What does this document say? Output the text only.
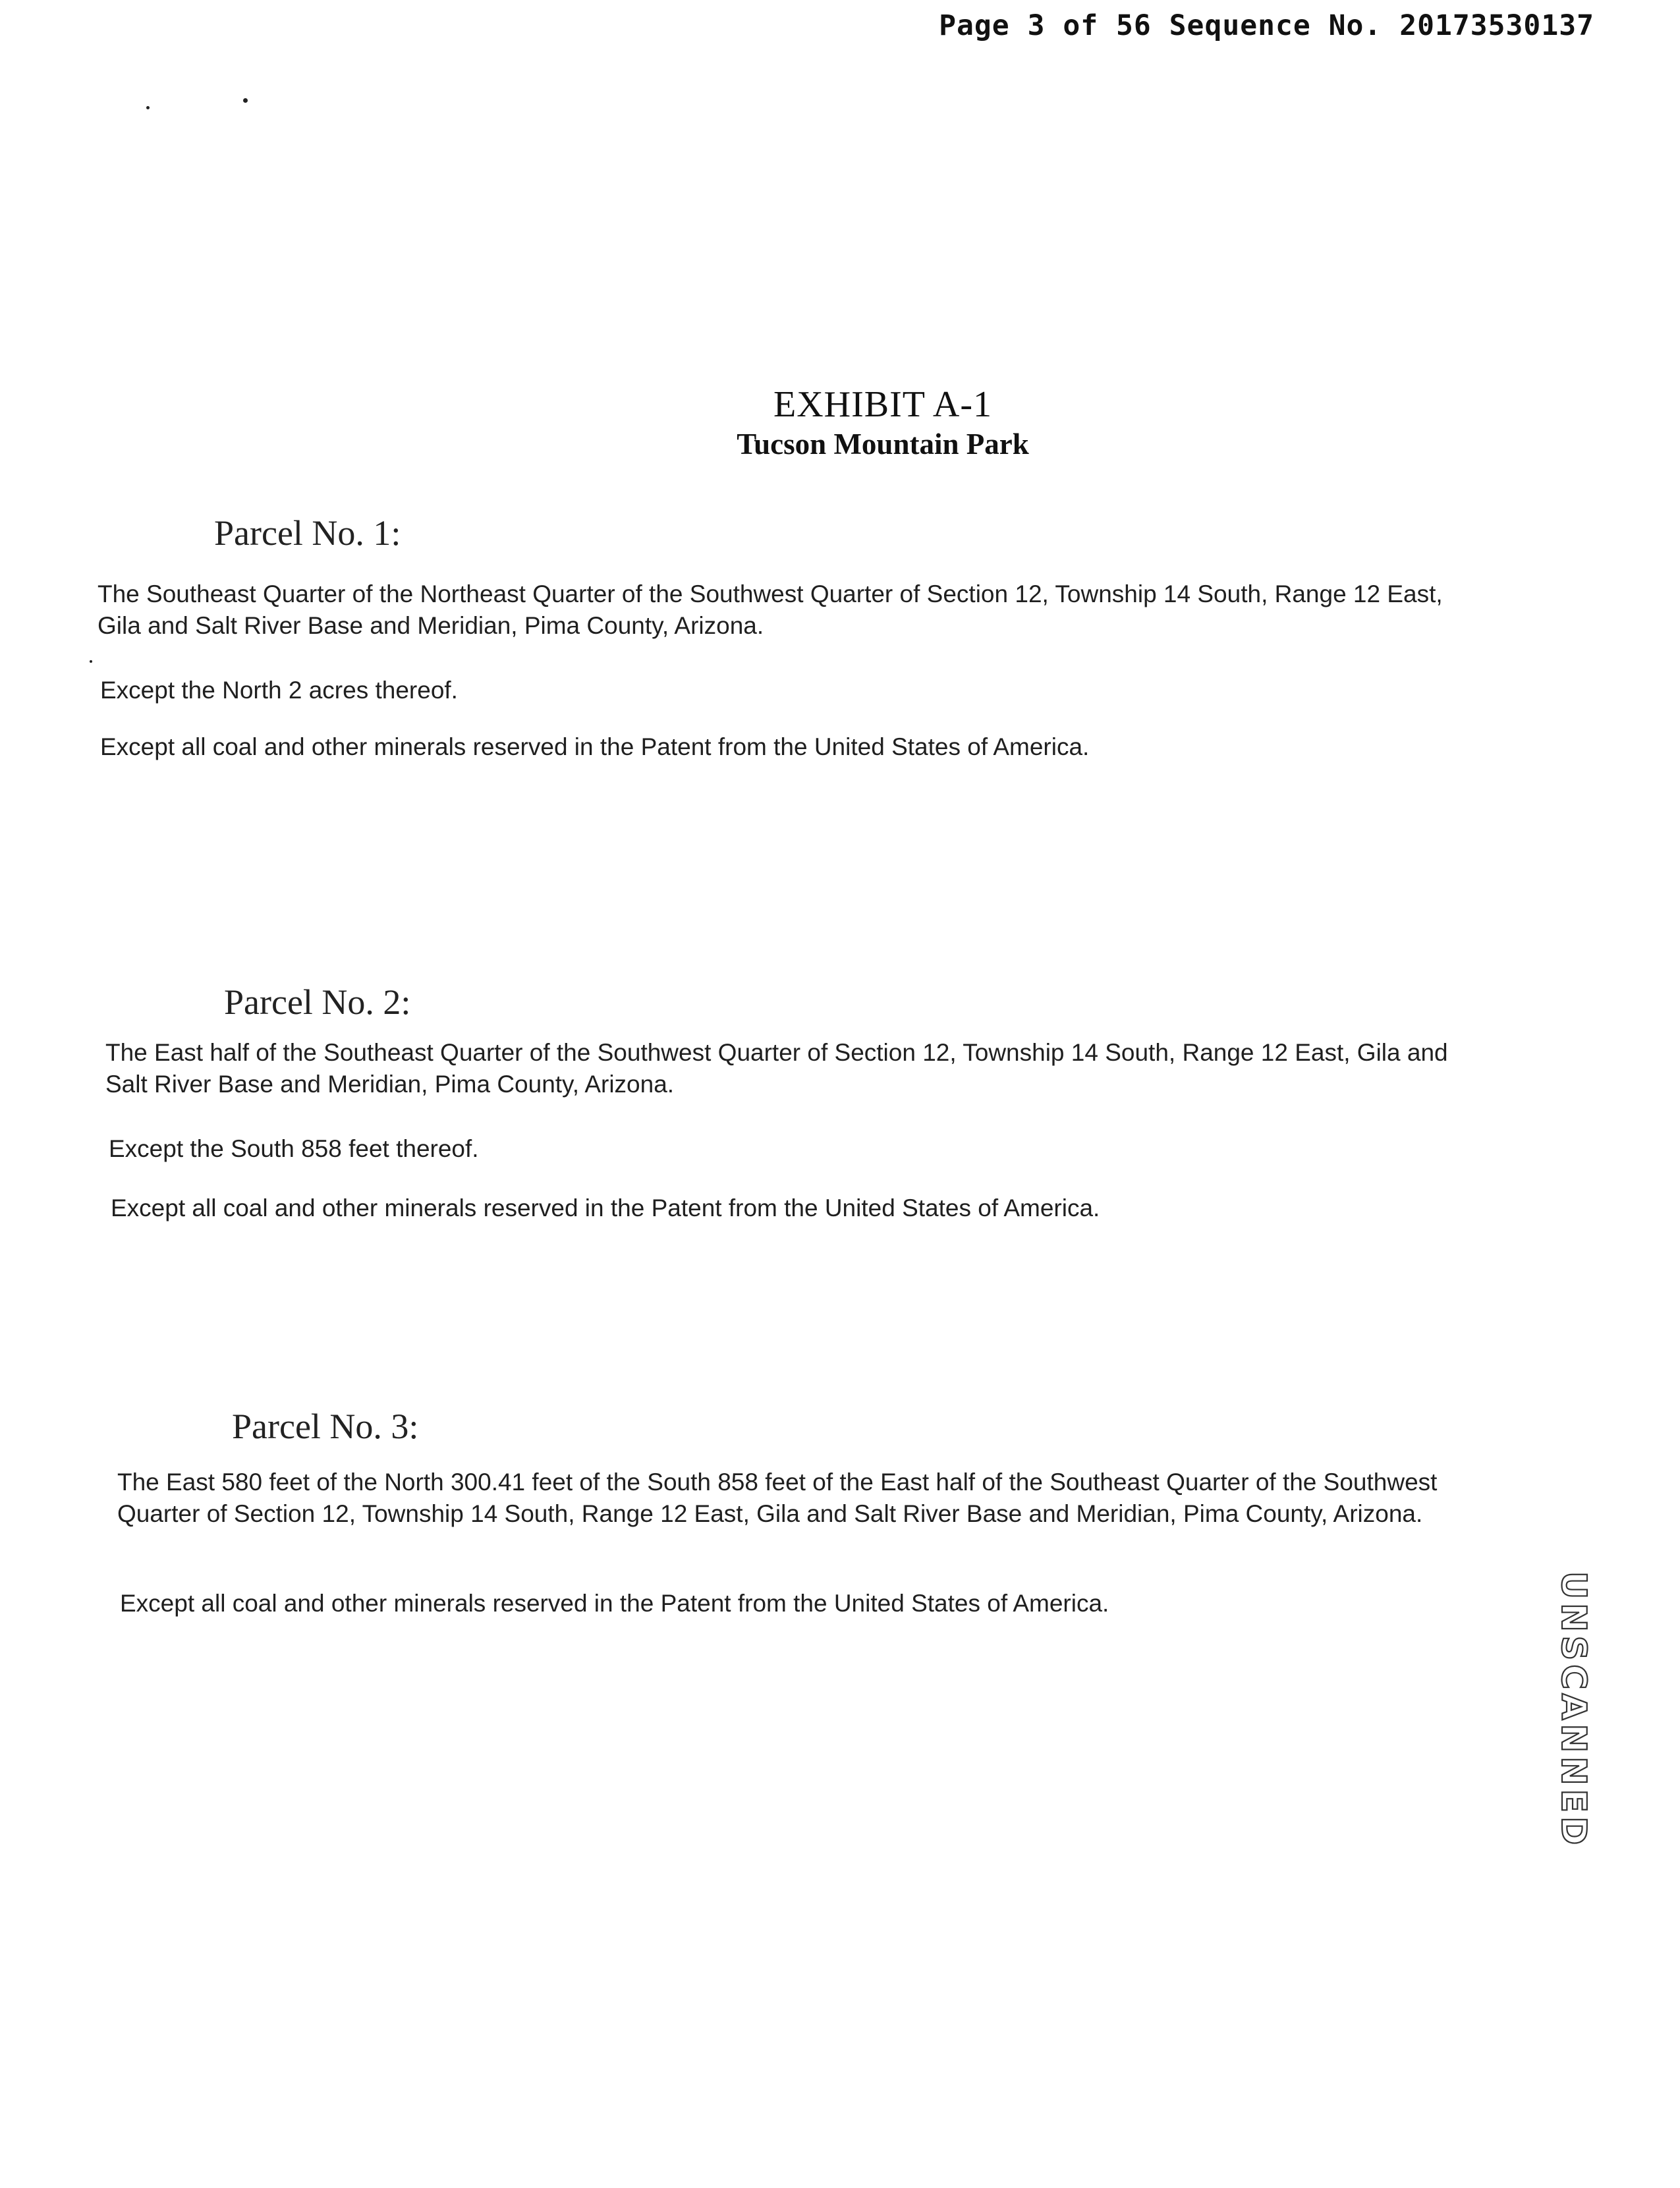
Page 3 of 56 Sequence No. 20173530137
EXHIBIT A-1
Tucson Mountain Park
Parcel No. 1:

The Southeast Quarter of the Northeast Quarter of the Southwest Quarter of Section 12, Township 14 South, Range 12 East, Gila and Salt River Base and Meridian, Pima County, Arizona.

Except the North 2 acres thereof.

Except all coal and other minerals reserved in the Patent from the United States of America.

Parcel No. 2:

The East half of the Southeast Quarter of the Southwest Quarter of Section 12, Township 14 South, Range 12 East, Gila and Salt River Base and Meridian, Pima County, Arizona.

Except the South 858 feet thereof.

Except all coal and other minerals reserved in the Patent from the United States of America.

Parcel No. 3:

The East 580 feet of the North 300.41 feet of the South 858 feet of the East half of the Southeast Quarter of the Southwest Quarter of Section 12, Township 14 South, Range 12 East, Gila and Salt River Base and Meridian, Pima County, Arizona.

Except all coal and other minerals reserved in the Patent from the United States of America.	UNSCANNED
